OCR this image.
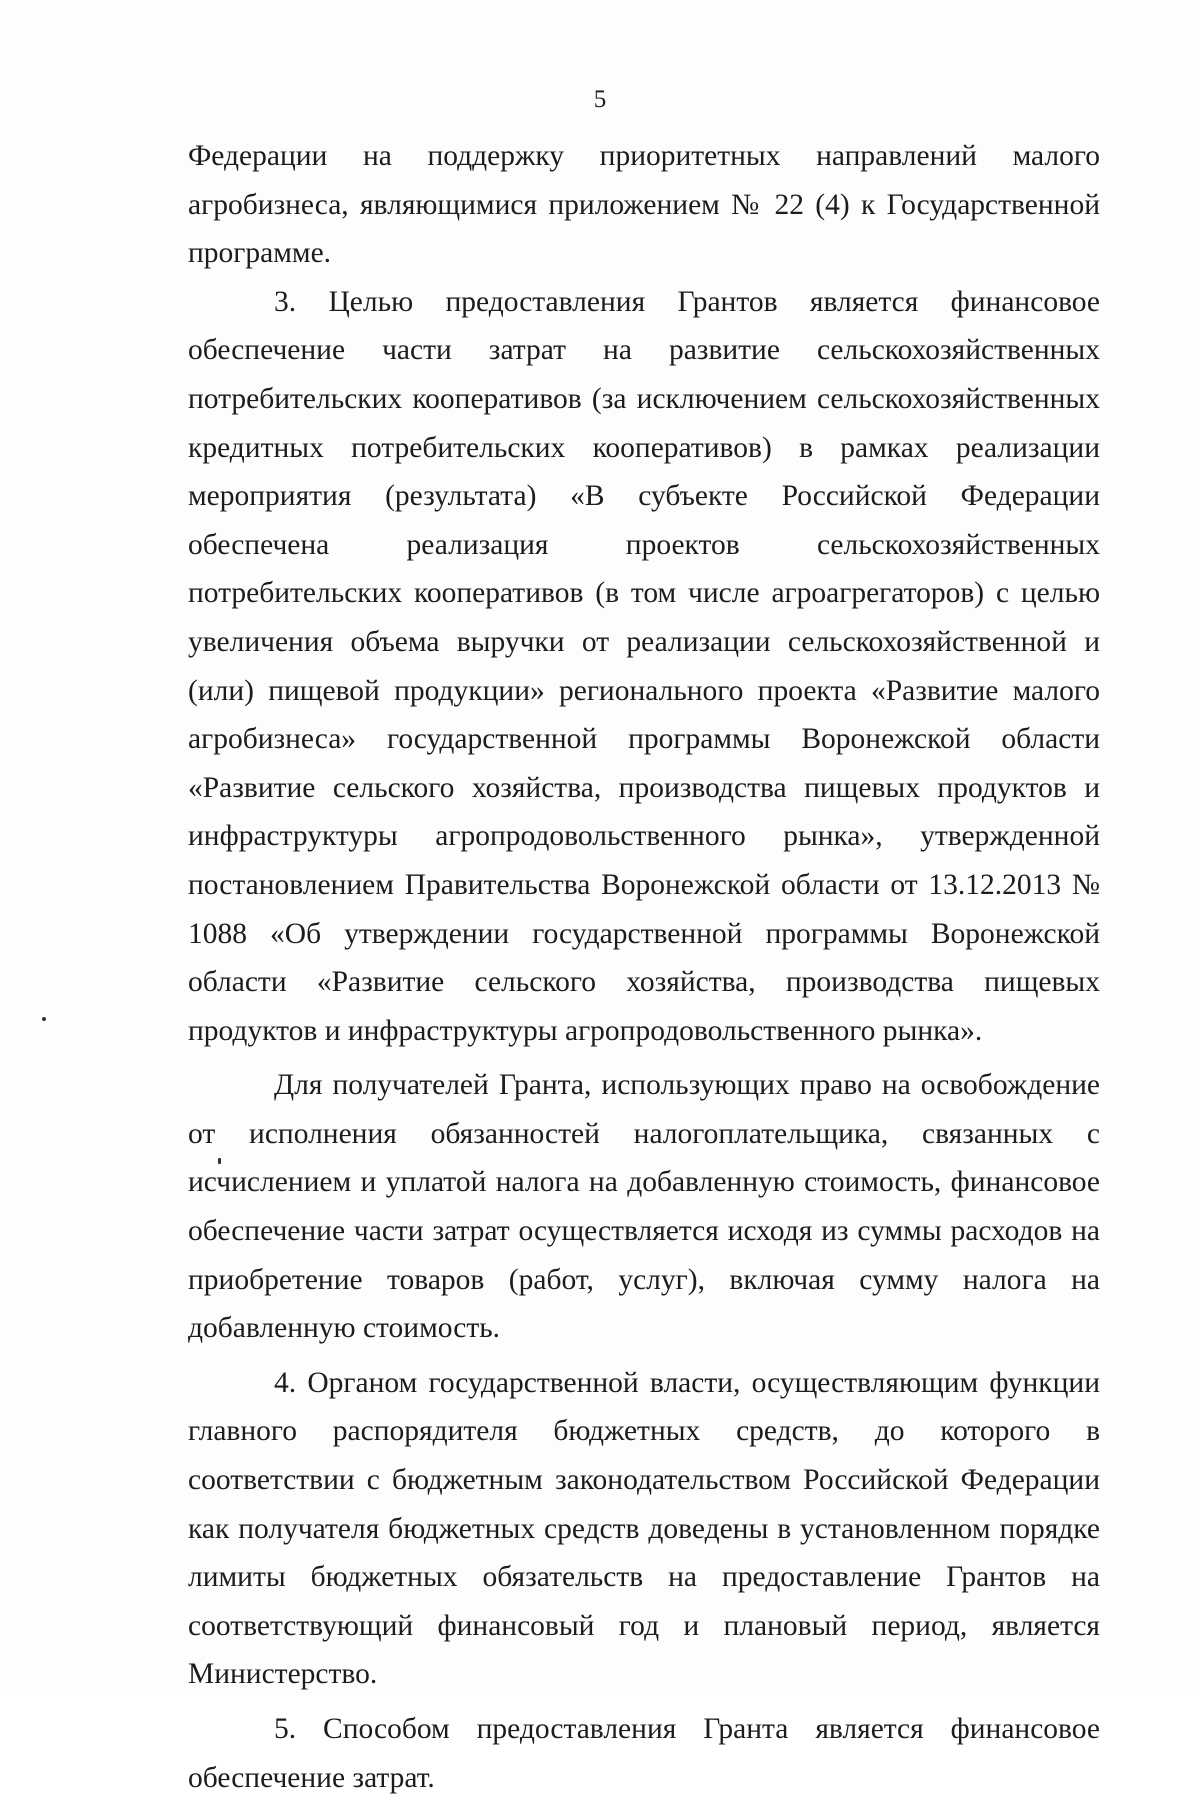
5

Федерации на поддержку приоритетных направлений малого агробизнеса, являющимися приложением № 22 (4) к Государственной программе.

3. Целью предоставления Грантов является финансовое обеспечение части затрат на развитие сельскохозяйственных потребительских кооперативов (за исключением сельскохозяйственных кредитных потребительских кооперативов) в рамках реализации мероприятия (результата) «В субъекте Российской Федерации обеспечена реализация проектов сельскохозяйственных потребительских кооперативов (в том числе агроагрегаторов) с целью увеличения объема выручки от реализации сельскохозяйственной и (или) пищевой продукции» регионального проекта «Развитие малого агробизнеса» государственной программы Воронежской области «Развитие сельского хозяйства, производства пищевых продуктов и инфраструктуры агропродовольственного рынка», утвержденной постановлением Правительства Воронежской области от 13.12.2013 № 1088 «Об утверждении государственной программы Воронежской области «Развитие сельского хозяйства, производства пищевых продуктов и инфраструктуры агропродовольственного рынка».

Для получателей Гранта, использующих право на освобождение от исполнения обязанностей налогоплательщика, связанных с исчислением и уплатой налога на добавленную стоимость, финансовое обеспечение части затрат осуществляется исходя из суммы расходов на приобретение товаров (работ, услуг), включая сумму налога на добавленную стоимость.

4. Органом государственной власти, осуществляющим функции главного распорядителя бюджетных средств, до которого в соответствии с бюджетным законодательством Российской Федерации как получателя бюджетных средств доведены в установленном порядке лимиты бюджетных обязательств на предоставление Грантов на соответствующий финансовый год и плановый период, является Министерство.

5. Способом предоставления Гранта является финансовое обеспечение затрат.
